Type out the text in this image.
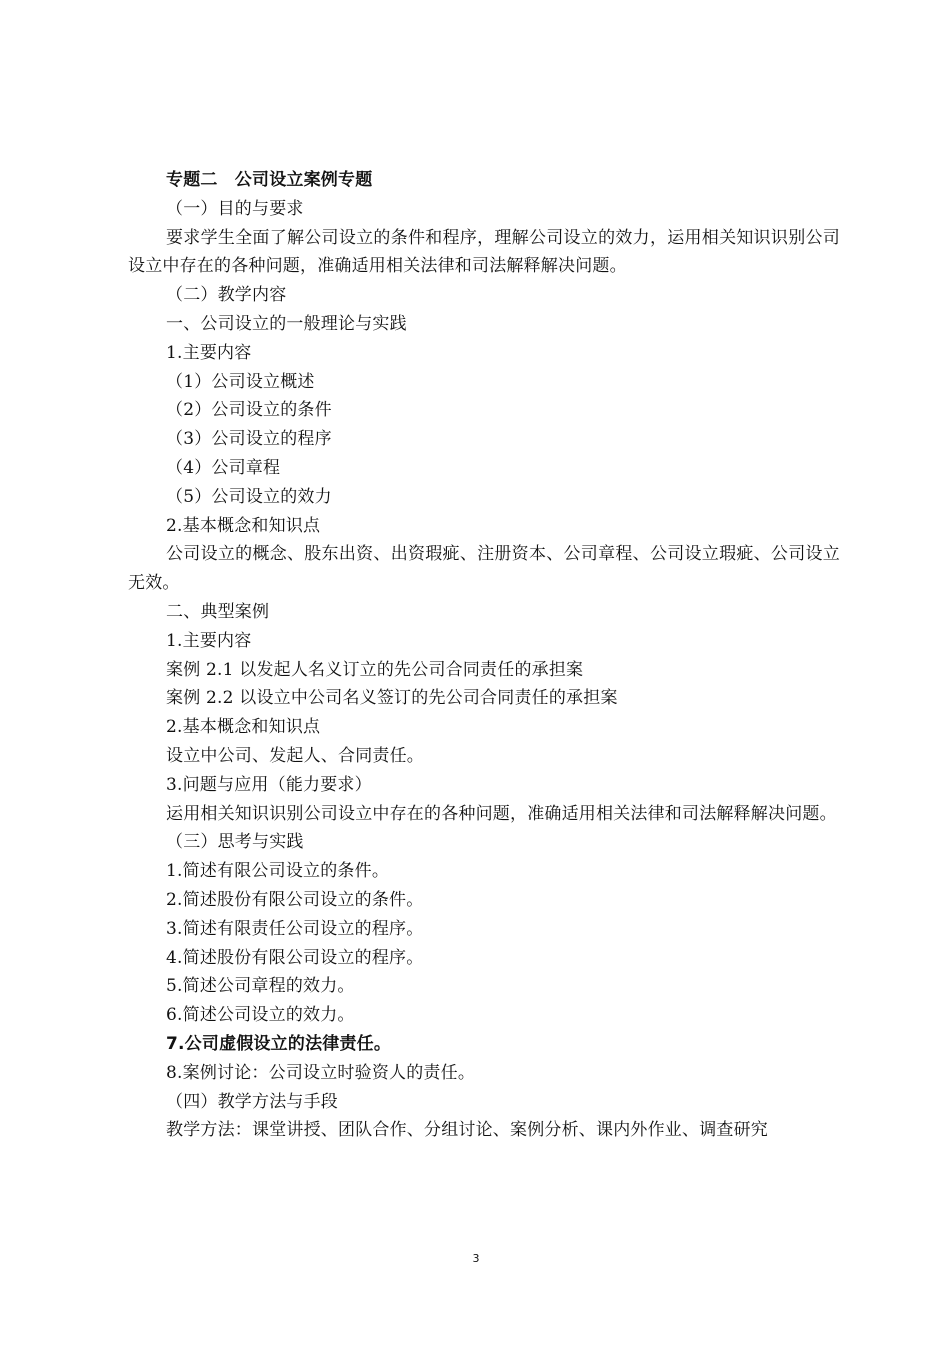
专题二　公司设立案例专题
（一）目的与要求
要求学生全面了解公司设立的条件和程序，理解公司设立的效力，运用相关知识识别公司设立中存在的各种问题，准确适用相关法律和司法解释解决问题。
（二）教学内容
一、公司设立的一般理论与实践
1.主要内容
（1）公司设立概述
（2）公司设立的条件
（3）公司设立的程序
（4）公司章程
（5）公司设立的效力
2.基本概念和知识点
公司设立的概念、股东出资、出资瑕疵、注册资本、公司章程、公司设立瑕疵、公司设立无效。
二、典型案例
1.主要内容
案例 2.1 以发起人名义订立的先公司合同责任的承担案
案例 2.2 以设立中公司名义签订的先公司合同责任的承担案
2.基本概念和知识点
设立中公司、发起人、合同责任。
3.问题与应用（能力要求）
运用相关知识识别公司设立中存在的各种问题，准确适用相关法律和司法解释解决问题。
（三）思考与实践
1.简述有限公司设立的条件。
2.简述股份有限公司设立的条件。
3.简述有限责任公司设立的程序。
4.简述股份有限公司设立的程序。
5.简述公司章程的效力。
6.简述公司设立的效力。
7.公司虚假设立的法律责任。
8.案例讨论：公司设立时验资人的责任。
（四）教学方法与手段
教学方法：课堂讲授、团队合作、分组讨论、案例分析、课内外作业、调查研究
3
